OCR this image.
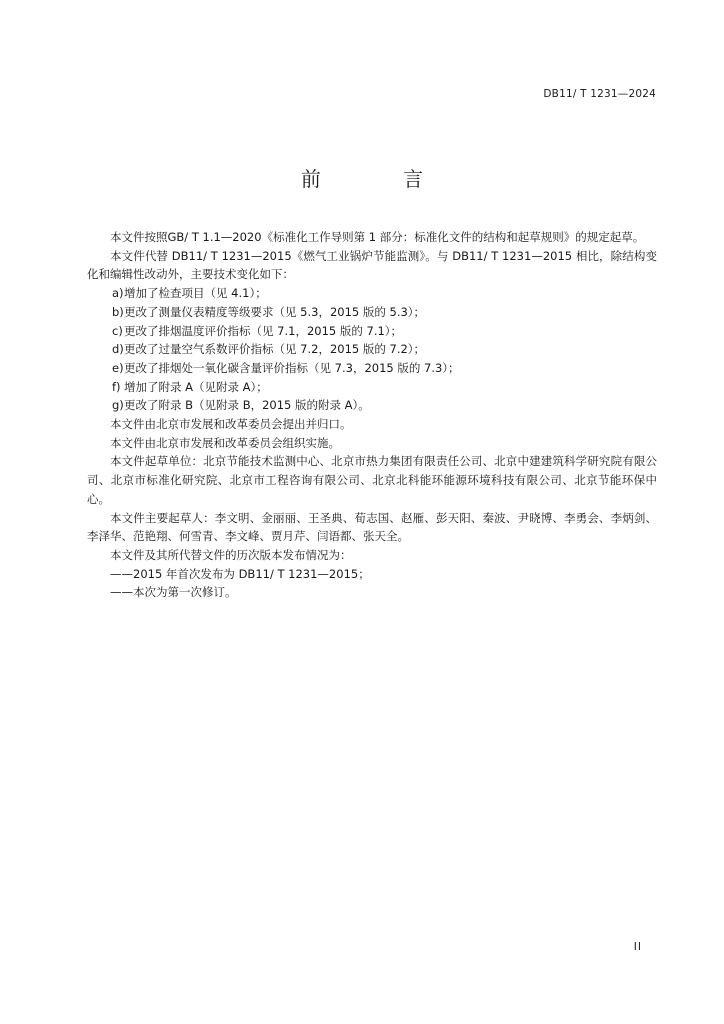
DB11/ T 1231—2024
前 言

本文件按照GB/ T 1.1—2020《标准化工作导则第 1 部分：标准化文件的结构和起草规则》的规定起草。

本文件代替 DB11/ T 1231—2015《燃气工业锅炉节能监测》。与 DB11/ T 1231—2015 相比，除结构变化和编辑性改动外，主要技术变化如下：

a) 增加了检查项目（见 4.1）；

b) 更改了测量仪表精度等级要求（见 5.3，2015 版的 5.3）；

c) 更改了排烟温度评价指标（见 7.1，2015 版的 7.1）；

d) 更改了过量空气系数评价指标（见 7.2，2015 版的 7.2）；

e) 更改了排烟处一氧化碳含量评价指标（见 7.3，2015 版的 7.3）；

f) 增加了附录 A（见附录 A）；

g) 更改了附录 B（见附录 B，2015 版的附录 A）。

本文件由北京市发展和改革委员会提出并归口。

本文件由北京市发展和改革委员会组织实施。

本文件起草单位：北京节能技术监测中心、北京市热力集团有限责任公司、北京中建建筑科学研究院有限公司、北京市标准化研究院、北京市工程咨询有限公司、北京北科能环能源环境科技有限公司、北京节能环保中心。

本文件主要起草人：李文明、金丽丽、王圣典、荀志国、赵雁、彭天阳、秦波、尹晓博、李勇会、李炳剑、李泽华、范艳翔、何雪青、李文峰、贾月芹、闫语都、张天全。

本文件及其所代替文件的历次版本发布情况为：

——2015 年首次发布为 DB11/ T 1231—2015；

——本次为第一次修订。

II
